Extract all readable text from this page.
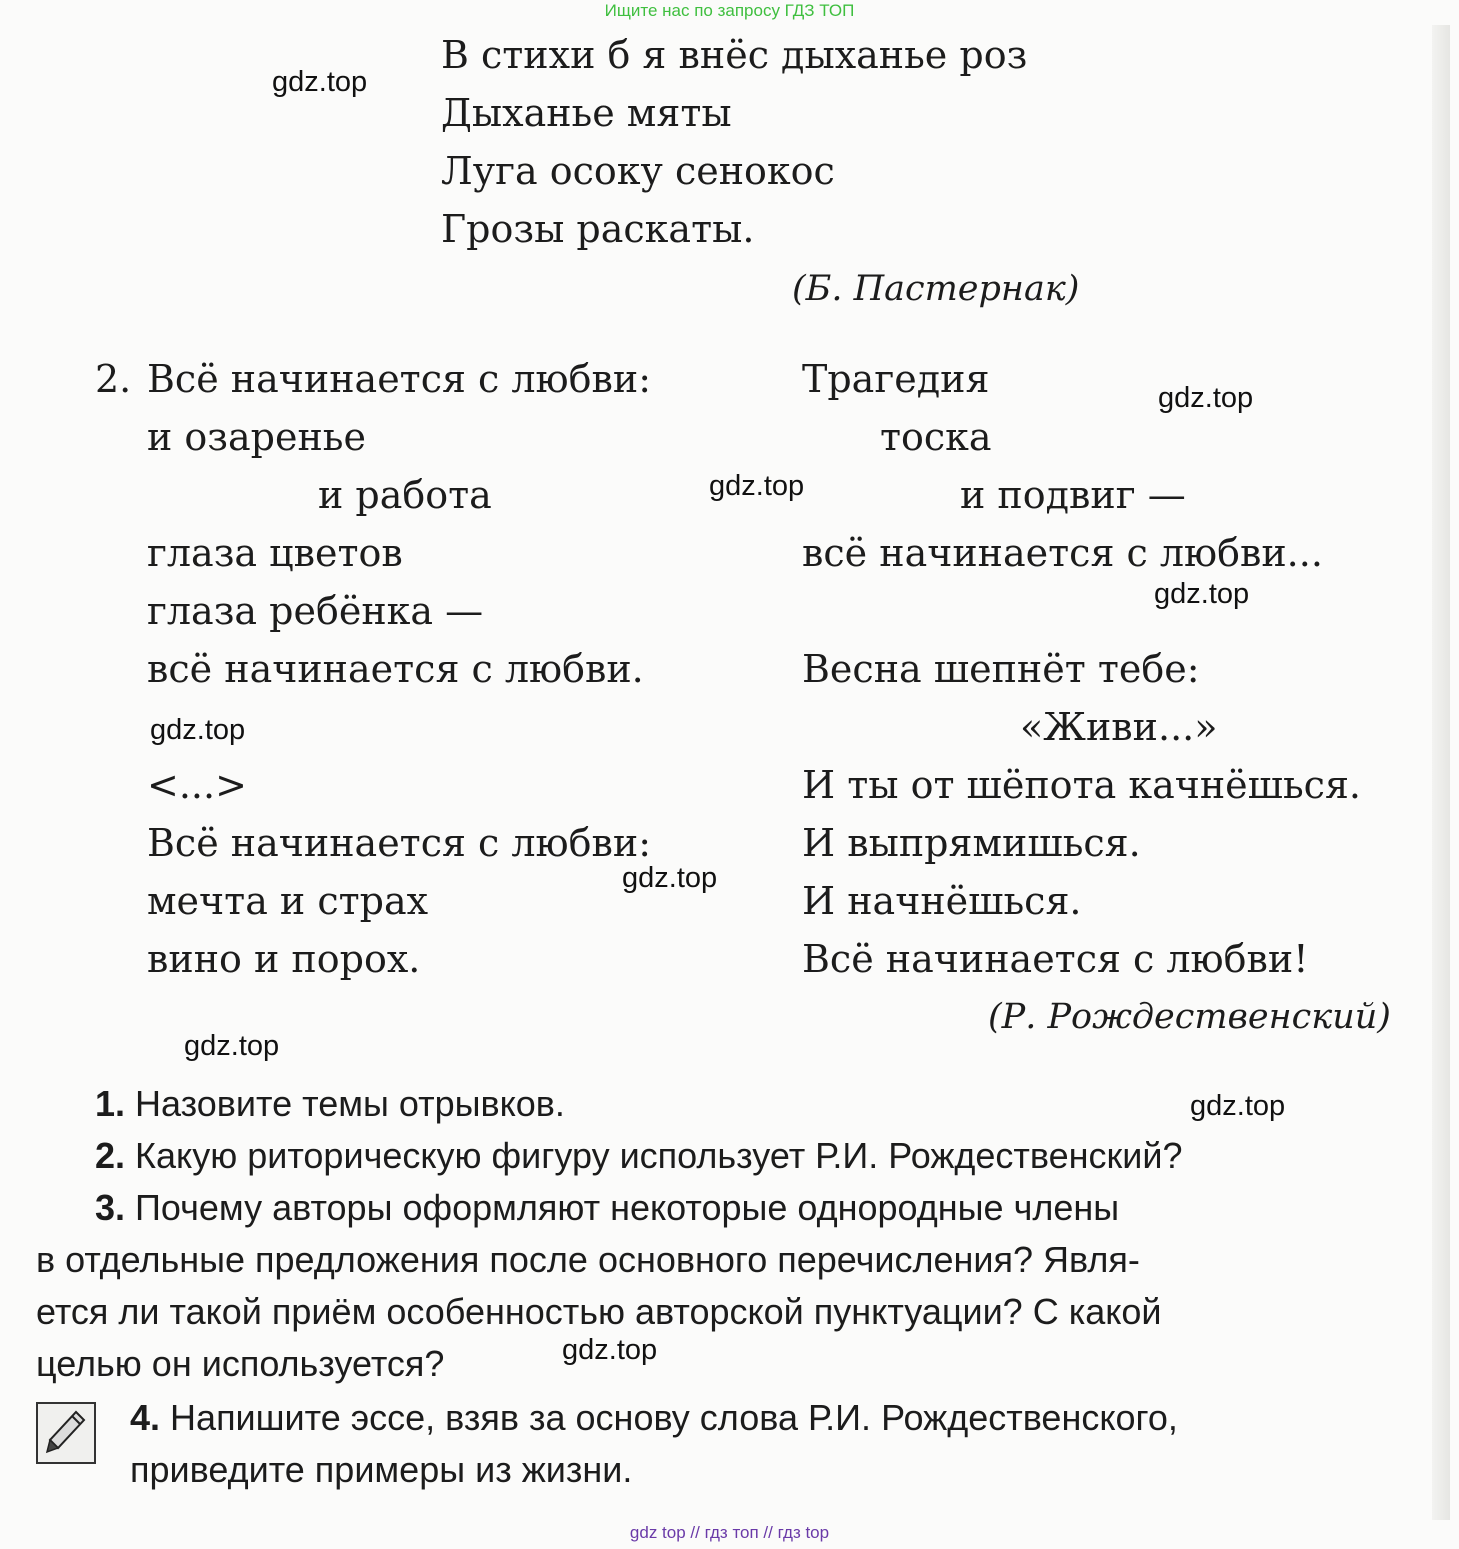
Ищите нас по запросу ГДЗ ТОП
В стихи б я внёс дыханье роз
Дыханье мяты
Луга осоку сенокос
Грозы раскаты.
(Б. Пастернак)
2. Всё начинается с любви:
и озаренье
и работа
глаза цветов
глаза ребёнка —
всё начинается с любви.
<...>
Всё начинается с любви:
мечта и страх
вино и порох.
Трагедия
тоска
и подвиг —
всё начинается с любви...
Весна шепнёт тебе:
«Живи...»
И ты от шёпота качнёшься.
И выпрямишься.
И начнёшься.
Всё начинается с любви!
(Р. Рождественский)
1. Назовите темы отрывков.
2. Какую риторическую фигуру использует Р.И. Рождественский?
3. Почему авторы оформляют некоторые однородные члены
в отдельные предложения после основного перечисления? Явля-
ется ли такой приём особенностью авторской пунктуации? С какой
целью он используется?
4. Напишите эссе, взяв за основу слова Р.И. Рождественского,
приведите примеры из жизни.
gdz.top
gdz.top
gdz.top
gdz.top
gdz.top
gdz.top
gdz.top
gdz.top
gdz.top
gdz top // гдз топ // гдз top
